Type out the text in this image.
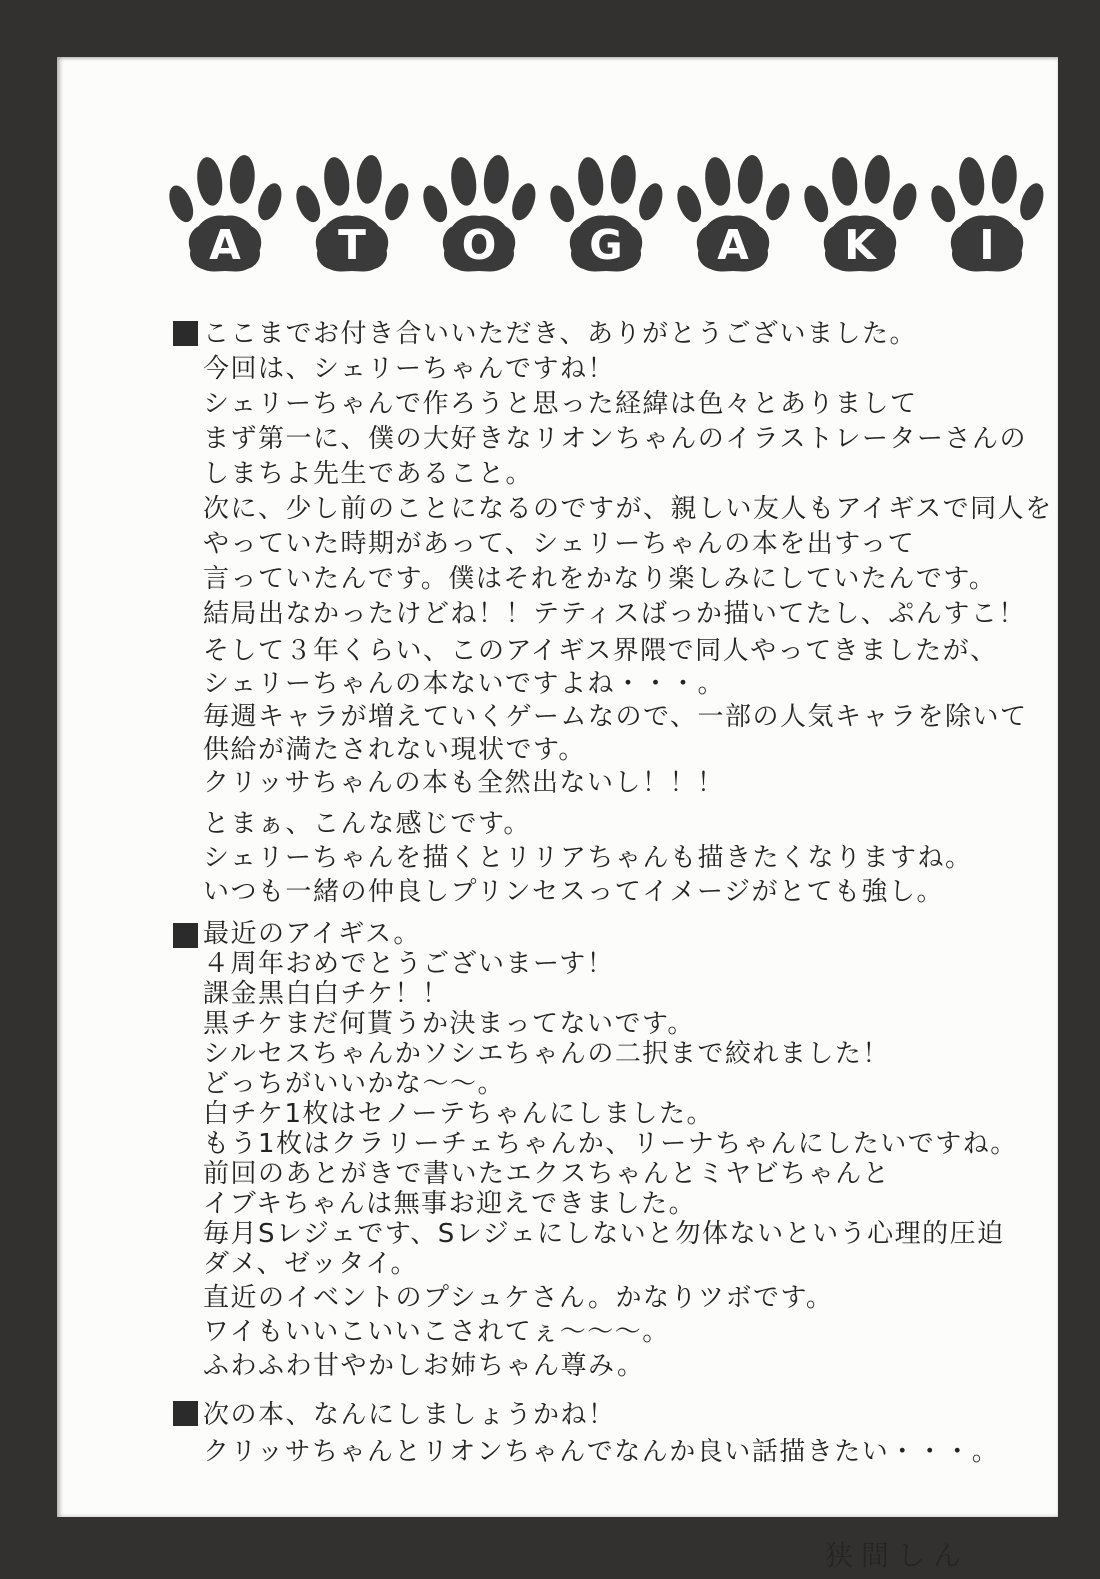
A T O G A K	I
ここまでお付き合いいただき、ありがとうございました。
今回は、シェリーちゃんですね！
シェリーちゃんで作ろうと思った経緯は色々とありまして
まず第一に、僕の大好きなリオンちゃんのイラストレーターさんの
しまちよ先生であること。
次に、少し前のことになるのですが、親しい友人もアイギスで同人を
やっていた時期があって、シェリーちゃんの本を出すって
言っていたんです。僕はそれをかなり楽しみにしていたんです。
結局出なかったけどね！！テティスばっか描いてたし、ぷんすこ！
そして３年くらい、このアイギス界隈で同人やってきましたが、
シェリーちゃんの本ないですよね・・・。
毎週キャラが増えていくゲームなので、一部の人気キャラを除いて
供給が満たされない現状です。
クリッサちゃんの本も全然出ないし！！！
とまぁ、こんな感じです。
シェリーちゃんを描くとリリアちゃんも描きたくなりますね。
いつも一緒の仲良しプリンセスってイメージがとても強し。
最近のアイギス。
４周年おめでとうございまーす！
課金黒白白チケ！！
黒チケまだ何貰うか決まってないです。
シルセスちゃんかソシエちゃんの二択まで絞れました！
どっちがいいかな～～。
白チケ1枚はセノーテちゃんにしました。
もう1枚はクラリーチェちゃんか、リーナちゃんにしたいですね。
前回のあとがきで書いたエクスちゃんとミヤビちゃんと
イブキちゃんは無事お迎えできました。
毎月Sレジェです、Sレジェにしないと勿体ないという心理的圧迫
ダメ、ゼッタイ。
直近のイベントのプシュケさん。かなりツボです。
ワイもいいこいいこされてぇ～～～。
ふわふわ甘やかしお姉ちゃん尊み。
次の本、なんにしましょうかね！
クリッサちゃんとリオンちゃんでなんか良い話描きたい・・・。
狭間しん
